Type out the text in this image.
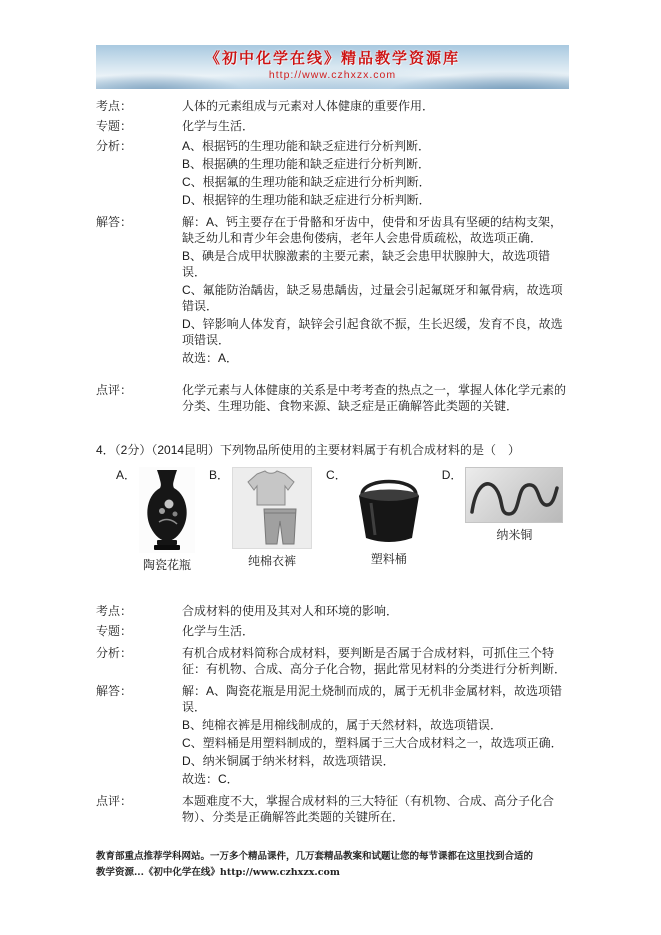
《初中化学在线》精品教学资源库
http://www.czhxzx.com
考点：	人体的元素组成与元素对人体健康的重要作用．

专题：	化学与生活．

分析：	A、根据钙的生理功能和缺乏症进行分析判断．

B、根据碘的生理功能和缺乏症进行分析判断．

C、根据氟的生理功能和缺乏症进行分析判断．

D、根据锌的生理功能和缺乏症进行分析判断．

解答：	解：A、钙主要存在于骨骼和牙齿中，使骨和牙齿具有坚硬的结构支架，缺乏幼儿和青少年会患佝偻病，老年人会患骨质疏松，故选项正确．

B、碘是合成甲状腺激素的主要元素，缺乏会患甲状腺肿大，故选项错误．

C、氟能防治龋齿，缺乏易患龋齿，过量会引起氟斑牙和氟骨病，故选项错误．

D、锌影响人体发育，缺锌会引起食欲不振，生长迟缓，发育不良，故选项错误．

故选：A．

点评：	化学元素与人体健康的关系是中考考查的热点之一，掌握人体化学元素的分类、生理功能、食物来源、缺乏症是正确解答此类题的关键．

4．（2分）（2014昆明）下列物品所使用的主要材料属于有机合成材料的是（　）

A．
陶瓷花瓶
B．
纯棉衣裤
C．
塑料桶
D．
纳米铜
考点：	合成材料的使用及其对人和环境的影响．

专题：	化学与生活．

分析：	有机合成材料简称合成材料，要判断是否属于合成材料，可抓住三个特征：有机物、合成、高分子化合物，据此常见材料的分类进行分析判断．

解答：	解：A、陶瓷花瓶是用泥土烧制而成的，属于无机非金属材料，故选项错误．

B、纯棉衣裤是用棉线制成的，属于天然材料，故选项错误．

C、塑料桶是用塑料制成的，塑料属于三大合成材料之一，故选项正确．

D、纳米铜属于纳米材料，故选项错误．

故选：C．

点评：	本题难度不大，掌握合成材料的三大特征（有机物、合成、高分子化合物）、分类是正确解答此类题的关键所在．

教育部重点推荐学科网站。一万多个精品课件，几万套精品教案和试题让您的每节课都在这里找到合适的
教学资源...《初中化学在线》http://www.czhxzx.com
